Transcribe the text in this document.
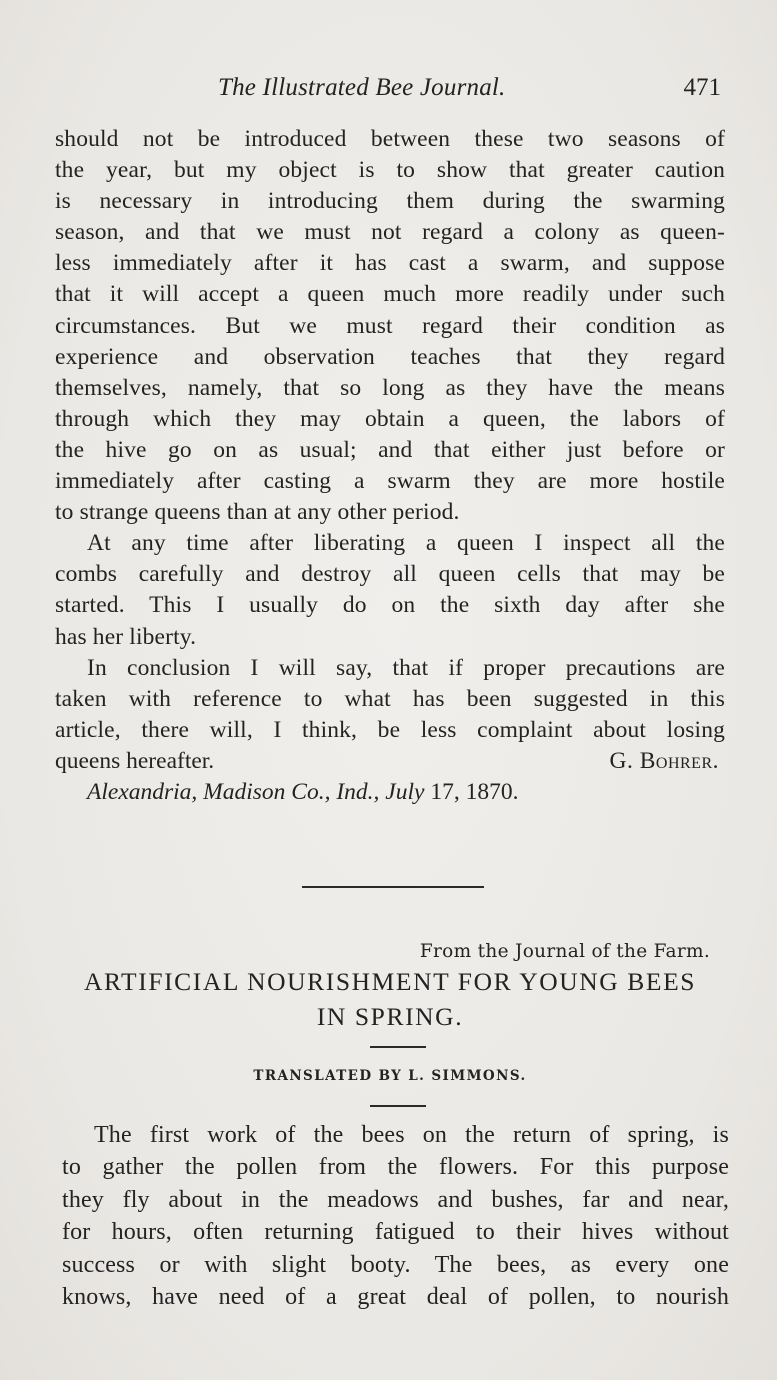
The Illustrated Bee Journal.	471
should not be introduced between these two seasons of
the year, but my object is to show that greater caution
is necessary in introducing them during the swarming
season, and that we must not regard a colony as queen-
less immediately after it has cast a swarm, and suppose
that it will accept a queen much more readily under such
circumstances. But we must regard their condition as
experience and observation teaches that they regard
themselves, namely, that so long as they have the means
through which they may obtain a queen, the labors of
the hive go on as usual; and that either just before or
immediately after casting a swarm they are more hostile
to strange queens than at any other period.
At any time after liberating a queen I inspect all the
combs carefully and destroy all queen cells that may be
started. This I usually do on the sixth day after she
has her liberty.
In conclusion I will say, that if proper precautions are
taken with reference to what has been suggested in this
article, there will, I think, be less complaint about losing
queens hereafter.	G. Bohrer.
Alexandria, Madison Co., Ind., July 17, 1870.
From the Journal of the Farm.
ARTIFICIAL NOURISHMENT FOR YOUNG BEES
IN SPRING.
TRANSLATED BY L. SIMMONS.
The first work of the bees on the return of spring, is
to gather the pollen from the flowers. For this purpose
they fly about in the meadows and bushes, far and near,
for hours, often returning fatigued to their hives without
success or with slight booty. The bees, as every one
knows, have need of a great deal of pollen, to nourish
